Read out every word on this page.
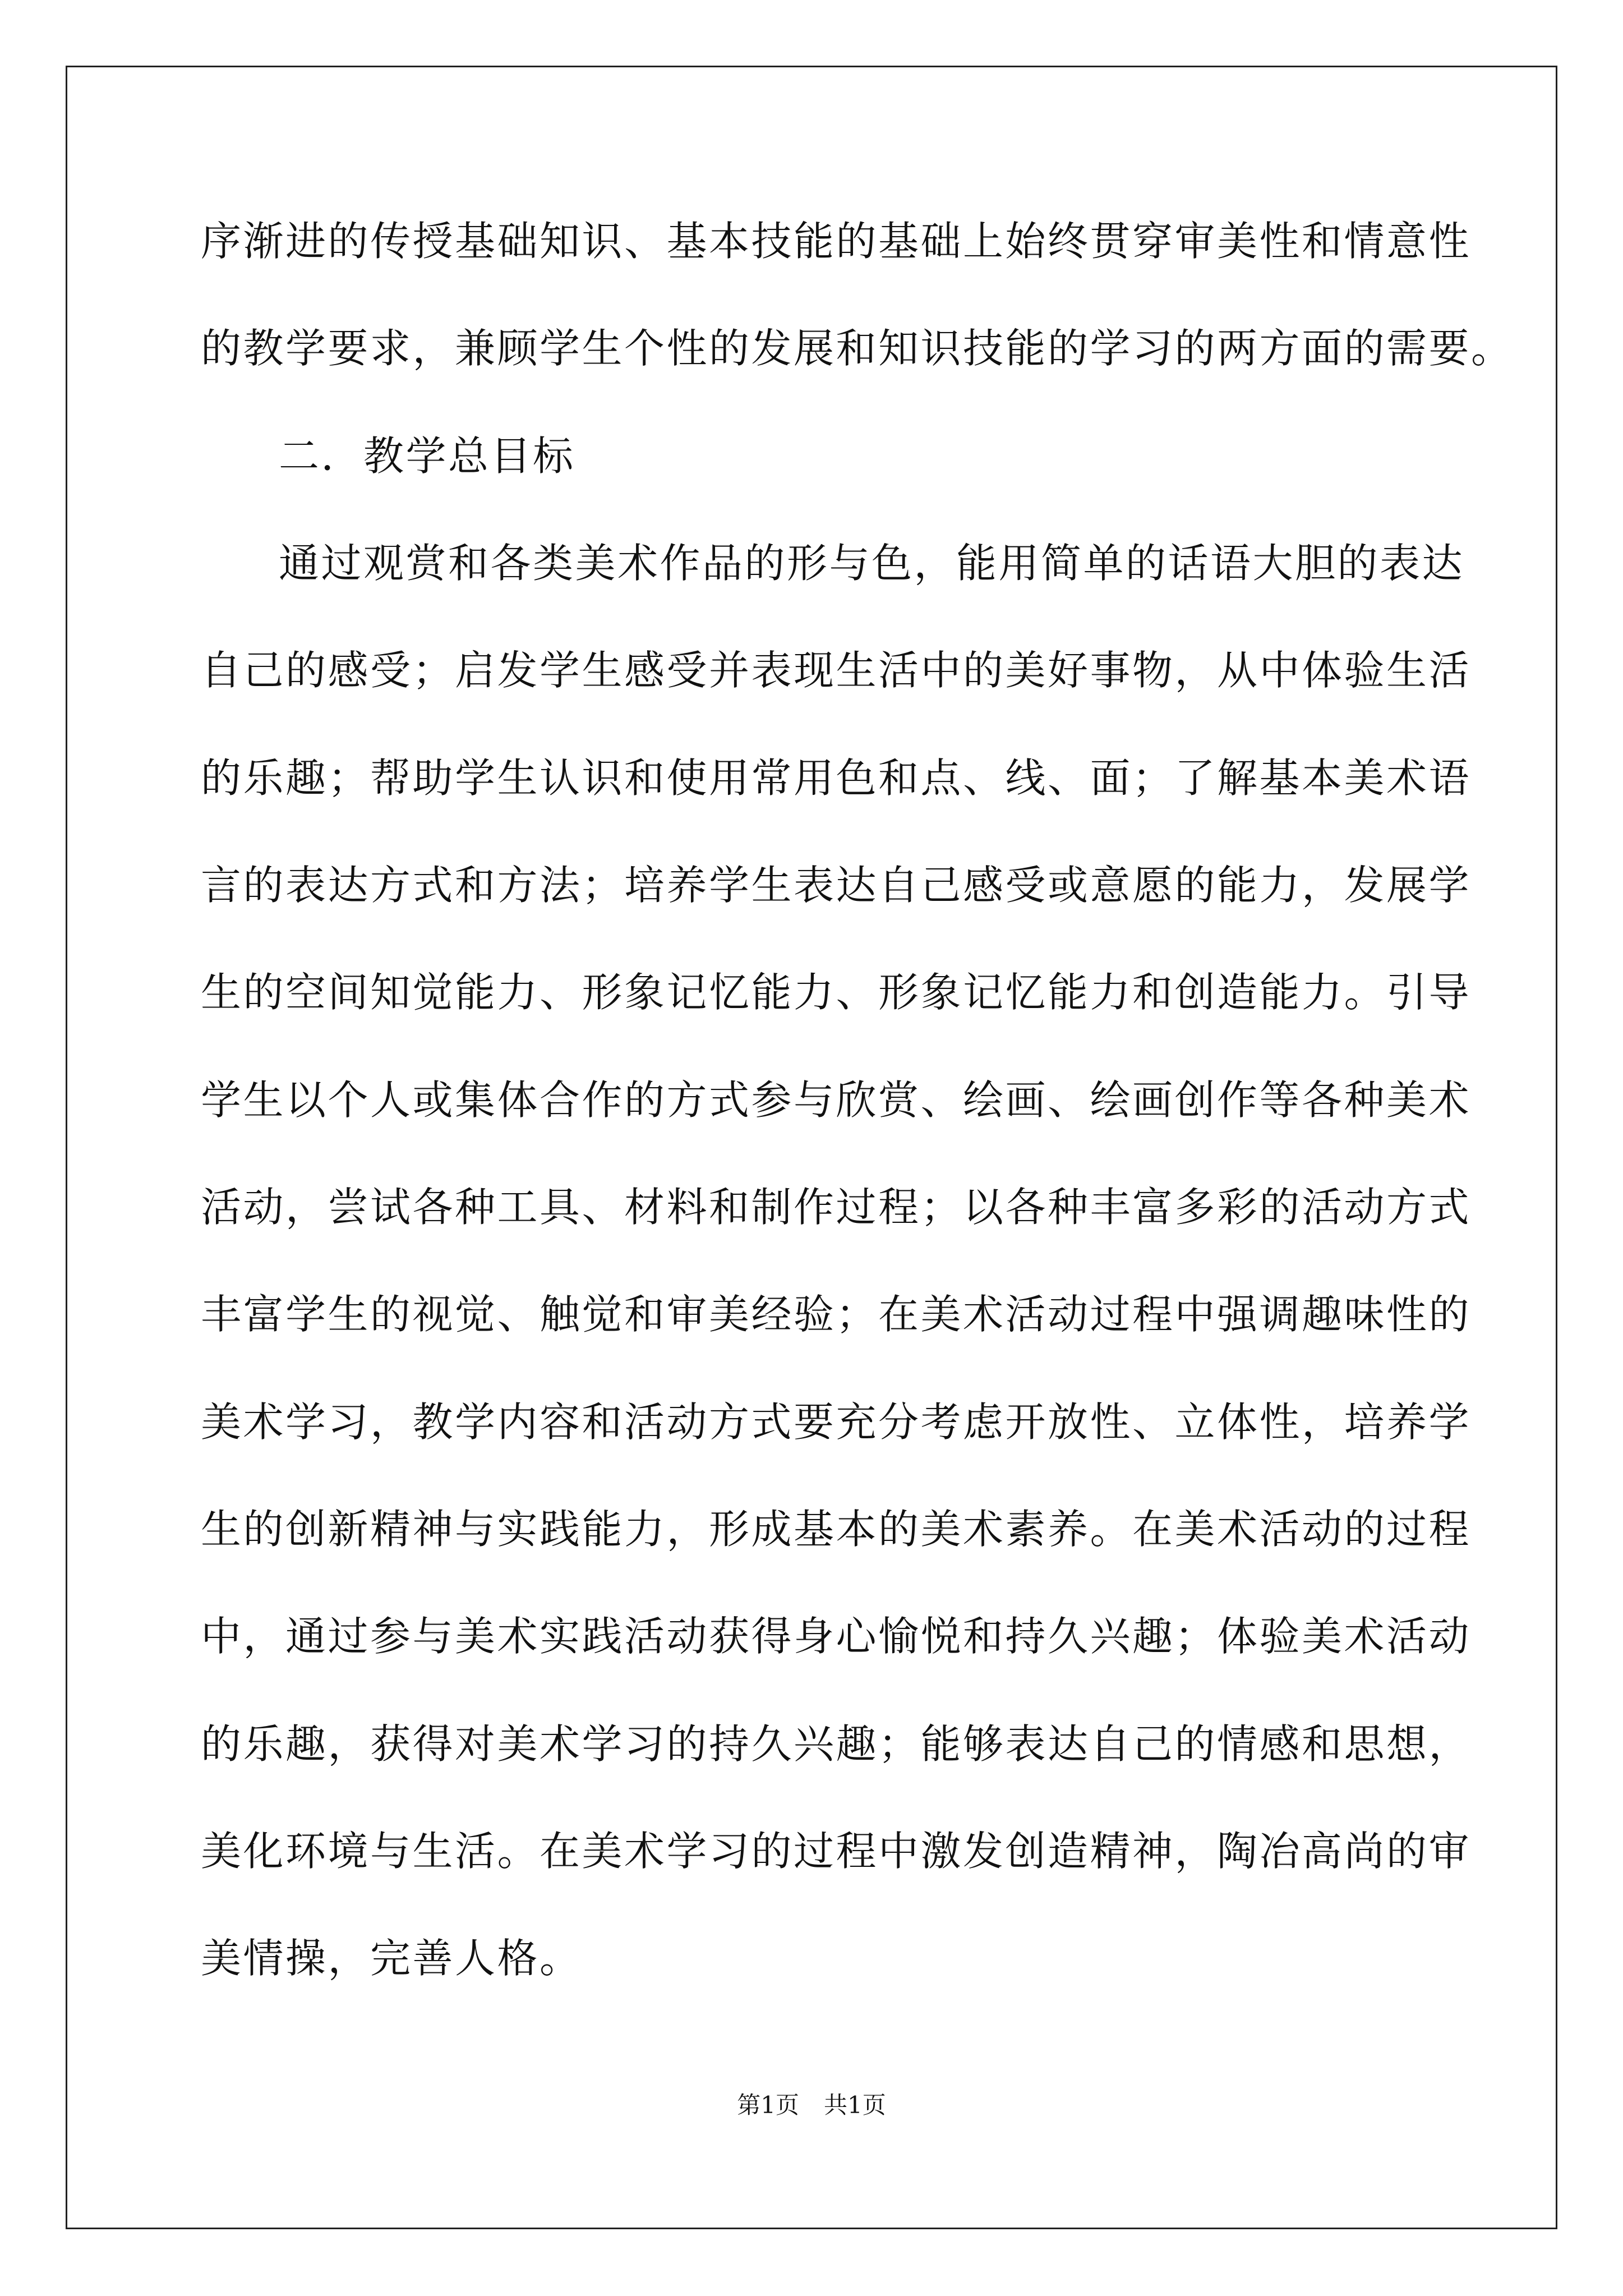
序渐进的传授基础知识、基本技能的基础上始终贯穿审美性和情意性
的教学要求，兼顾学生个性的发展和知识技能的学习的两方面的需要。
二．教学总目标
通过观赏和各类美术作品的形与色，能用简单的话语大胆的表达
自己的感受；启发学生感受并表现生活中的美好事物，从中体验生活
的乐趣；帮助学生认识和使用常用色和点、线、面；了解基本美术语
言的表达方式和方法；培养学生表达自己感受或意愿的能力，发展学
生的空间知觉能力、形象记忆能力、形象记忆能力和创造能力。引导
学生以个人或集体合作的方式参与欣赏、绘画、绘画创作等各种美术
活动，尝试各种工具、材料和制作过程；以各种丰富多彩的活动方式
丰富学生的视觉、触觉和审美经验；在美术活动过程中强调趣味性的
美术学习，教学内容和活动方式要充分考虑开放性、立体性，培养学
生的创新精神与实践能力，形成基本的美术素养。在美术活动的过程
中，通过参与美术实践活动获得身心愉悦和持久兴趣；体验美术活动
的乐趣，获得对美术学习的持久兴趣；能够表达自己的情感和思想，
美化环境与生活。在美术学习的过程中激发创造精神，陶冶高尚的审
美情操，完善人格。
第1页 共1页
